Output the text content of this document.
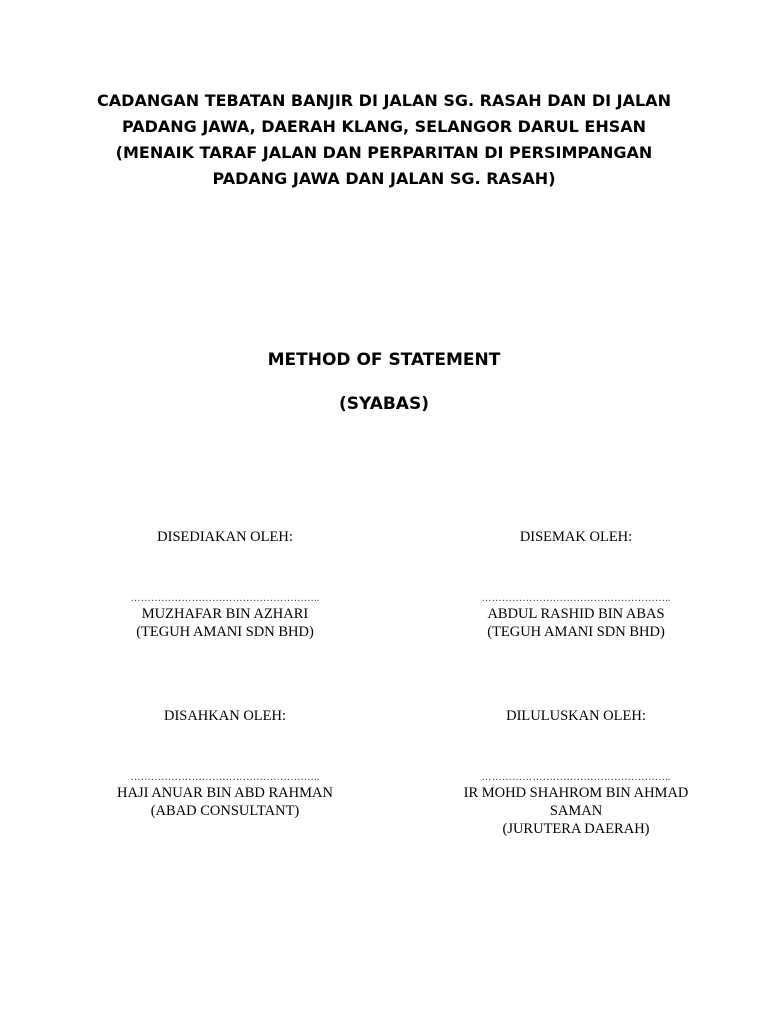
CADANGAN TEBATAN BANJIR DI JALAN SG. RASAH DAN DI JALAN
PADANG JAWA, DAERAH KLANG, SELANGOR DARUL EHSAN
(MENAIK TARAF JALAN DAN PERPARITAN DI PERSIMPANGAN
PADANG JAWA DAN JALAN SG. RASAH)
METHOD OF STATEMENT
(SYABAS)
DISEDIAKAN OLEH:
………………………………………………..
MUZHAFAR BIN AZHARI
(TEGUH AMANI SDN BHD)
DISEMAK OLEH:
………………………………………………..
ABDUL RASHID BIN ABAS
(TEGUH AMANI SDN BHD)
DISAHKAN OLEH:
………………………………………………..
HAJI ANUAR BIN ABD RAHMAN
(ABAD CONSULTANT)
DILULUSKAN OLEH:
………………………………………………..
IR MOHD SHAHROM BIN AHMAD
SAMAN
(JURUTERA DAERAH)
